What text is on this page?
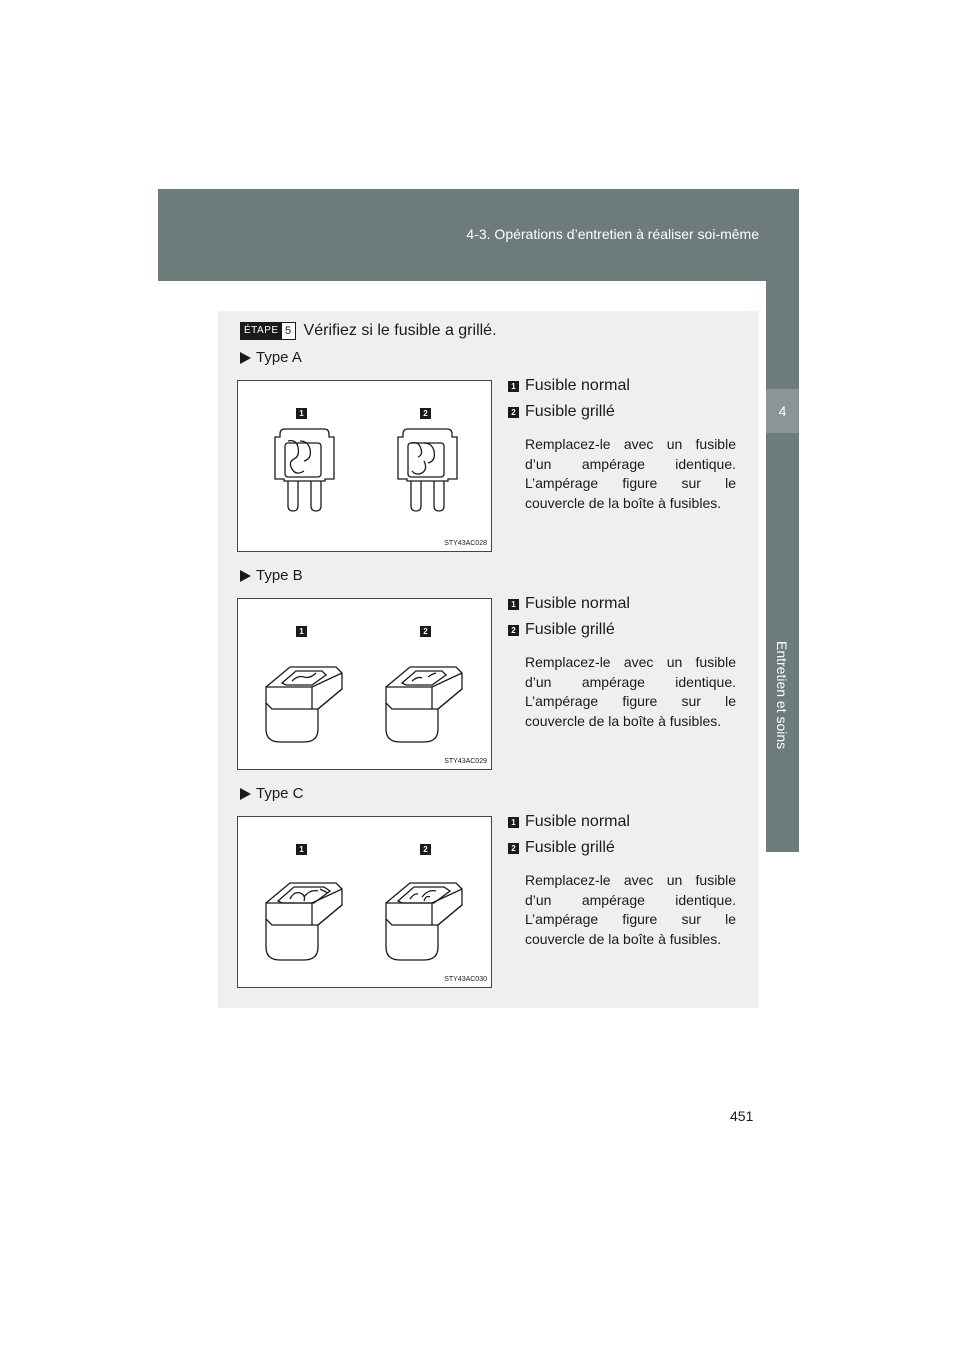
4-3. Opérations d’entretien à réaliser soi-même
4
Entretien et soins
ÉTAPE 5 Vérifiez si le fusible a grillé.
Type A
1	2
STY43AC028
1 Fusible normal
2 Fusible grillé
Remplacez-le avec un fusible d’un ampérage identique. L’ampérage figure sur le couvercle de la boîte à fusibles.
Type B
1	2
STY43AC029
1 Fusible normal
2 Fusible grillé
Remplacez-le avec un fusible d’un ampérage identique. L’ampérage figure sur le couvercle de la boîte à fusibles.
Type C
1	2
STY43AC030
1 Fusible normal
2 Fusible grillé
Remplacez-le avec un fusible d’un ampérage identique. L’ampérage figure sur le couvercle de la boîte à fusibles.
451
